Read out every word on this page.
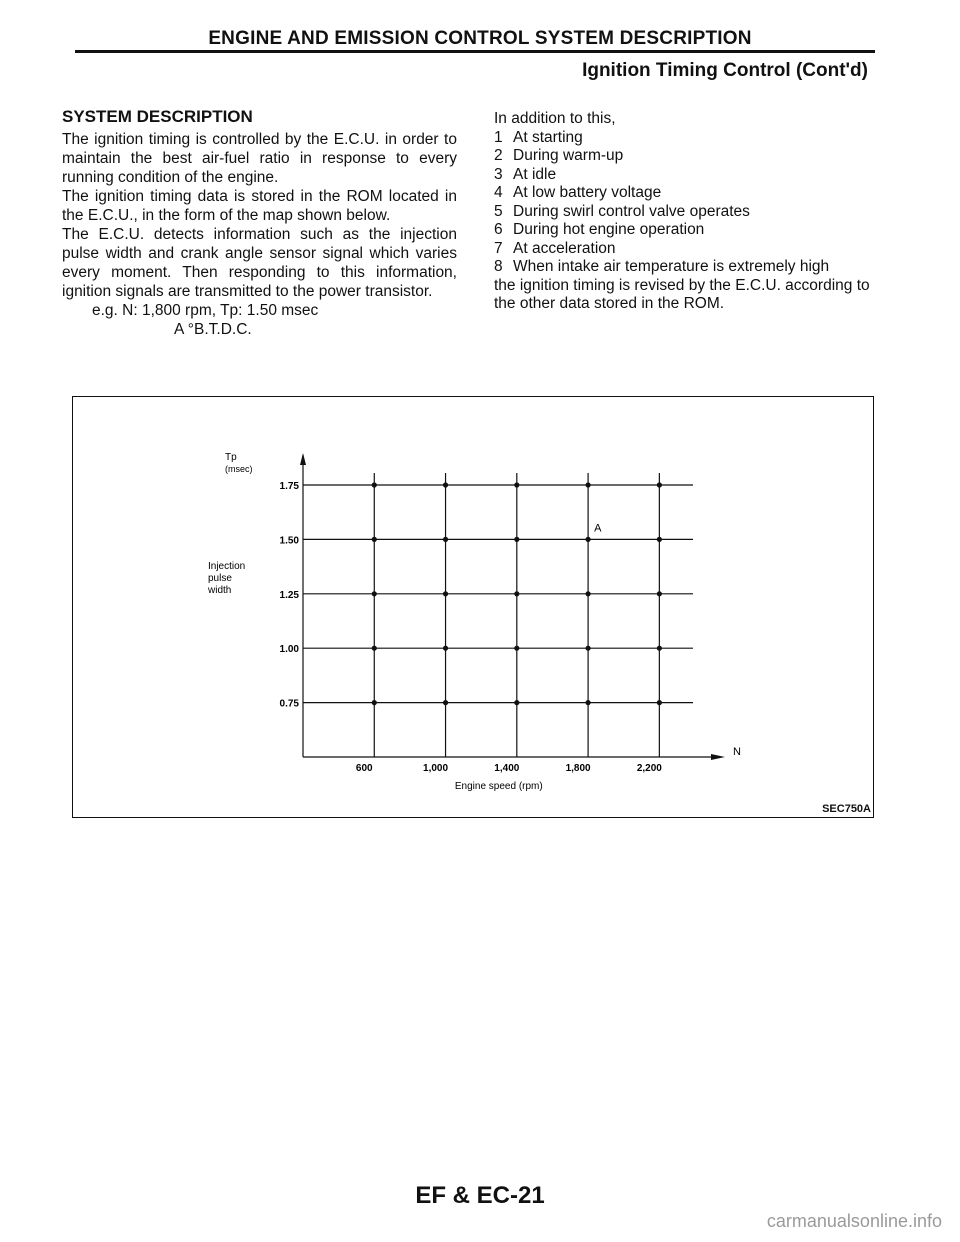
ENGINE AND EMISSION CONTROL SYSTEM DESCRIPTION
Ignition Timing Control (Cont'd)
SYSTEM DESCRIPTION

The ignition timing is controlled by the E.C.U. in order to maintain the best air-fuel ratio in response to every running condition of the engine.

The ignition timing data is stored in the ROM located in the E.C.U., in the form of the map shown below.

The E.C.U. detects information such as the injection pulse width and crank angle sensor signal which varies every moment. Then responding to this information, ignition signals are transmitted to the power transistor.

e.g. N: 1,800 rpm, Tp: 1.50 msec

A °B.T.D.C.

In addition to this,

1 At starting
2 During warm-up
3 At idle
4 At low battery voltage
5 During swirl control valve operates
6 During hot engine operation
7 At acceleration
8 When intake air temperature is extremely high

the ignition timing is revised by the E.C.U. according to the other data stored in the ROM.

1.75
1.50
1.25
1.00
0.75
600	1,000	1,400	1,800	2,200
A
Tp
(msec)
Injection
pulse
width
N
Engine speed (rpm)
SEC750A
EF & EC-21
carmanualsonline.info
